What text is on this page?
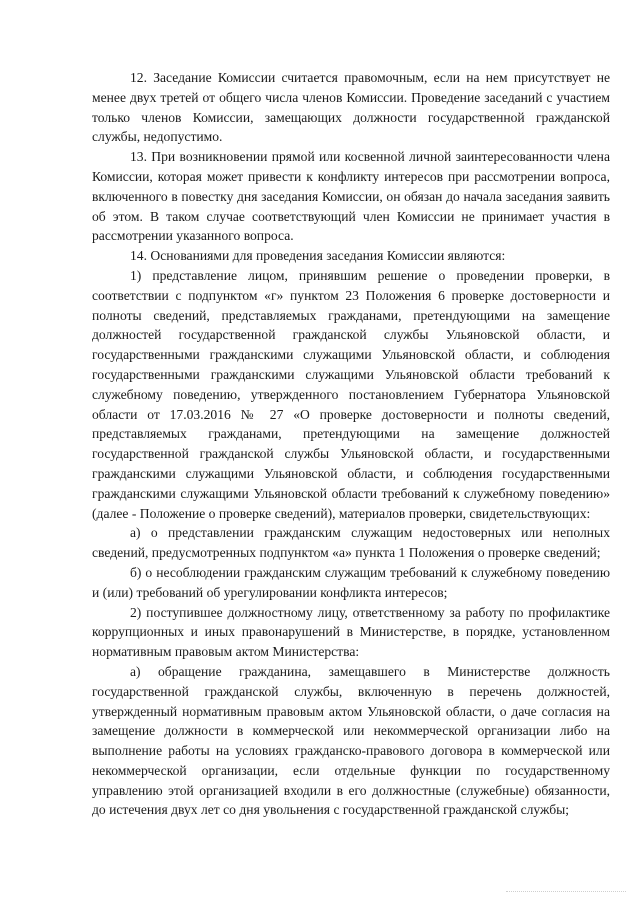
12. Заседание Комиссии считается правомочным, если на нем присутствует не менее двух третей от общего числа членов Комиссии. Проведение заседаний с участием только членов Комиссии, замещающих должности государственной гражданской службы, недопустимо.

13. При возникновении прямой или косвенной личной заинтересованности члена Комиссии, которая может привести к конфликту интересов при рассмотрении вопроса, включенного в повестку дня заседания Комиссии, он обязан до начала заседания заявить об этом. В таком случае соответствующий член Комиссии не принимает участия в рассмотрении указанного вопроса.

14. Основаниями для проведения заседания Комиссии являются:

1) представление лицом, принявшим решение о проведении проверки, в соответствии с подпунктом «г» пунктом 23 Положения 6 проверке достоверности и полноты сведений, представляемых гражданами, претендующими на замещение должностей государственной гражданской службы Ульяновской области, и государственными гражданскими служащими Ульяновской области, и соблюдения государственными гражданскими служащими Ульяновской области требований к служебному поведению, утвержденного постановлением Губернатора Ульяновской области от 17.03.2016 № 27 «О проверке достоверности и полноты сведений, представляемых гражданами, претендующими на замещение должностей государственной гражданской службы Ульяновской области, и государственными гражданскими служащими Ульяновской области, и соблюдения государственными гражданскими служащими Ульяновской области требований к служебному поведению» (далее - Положение о проверке сведений), материалов проверки, свидетельствующих:

а) о представлении гражданским служащим недостоверных или неполных сведений, предусмотренных подпунктом «а» пункта 1 Положения о проверке сведений;

б) о несоблюдении гражданским служащим требований к служебному поведению и (или) требований об урегулировании конфликта интересов;

2) поступившее должностному лицу, ответственному за работу по профилактике коррупционных и иных правонарушений в Министерстве, в порядке, установленном нормативным правовым актом Министерства:

а) обращение гражданина, замещавшего в Министерстве должность государственной гражданской службы, включенную в перечень должностей, утвержденный нормативным правовым актом Ульяновской области, о даче согласия на замещение должности в коммерческой или некоммерческой организации либо на выполнение работы на условиях гражданско-правового договора в коммерческой или некоммерческой организации, если отдельные функции по государственному управлению этой организацией входили в его должностные (служебные) обязанности, до истечения двух лет со дня увольнения с государственной гражданской службы;
